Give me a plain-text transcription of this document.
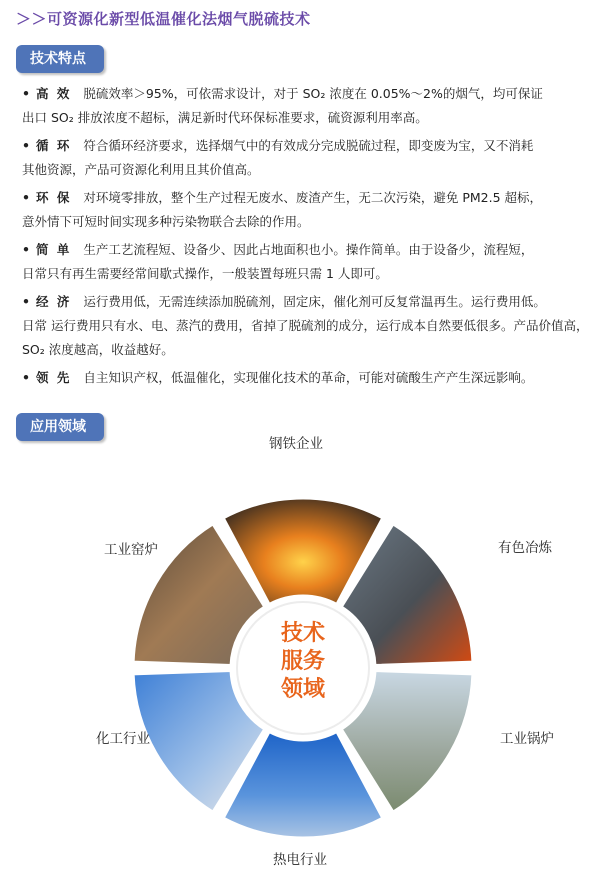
＞＞可资源化新型低温催化法烟气脱硫技术
技术特点
• 高 效 脱硫效率＞95%，可依需求设计，对于 SO₂ 浓度在 0.05%～2%的烟气，均可保证
出口 SO₂ 排放浓度不超标，满足新时代环保标准要求，硫资源利用率高。
• 循 环 符合循环经济要求，选择烟气中的有效成分完成脱硫过程，即变废为宝，又不消耗
其他资源，产品可资源化利用且其价值高。
• 环 保 对环境零排放，整个生产过程无废水、废渣产生，无二次污染，避免 PM2.5 超标，
意外情下可短时间实现多种污染物联合去除的作用。
• 简 单 生产工艺流程短、设备少、因此占地面积也小。操作简单。由于设备少，流程短，
日常只有再生需要经常间歇式操作，一般装置每班只需 1 人即可。
• 经 济 运行费用低，无需连续添加脱硫剂，固定床，催化剂可反复常温再生。运行费用低。
日常 运行费用只有水、电、蒸汽的费用，省掉了脱硫剂的成分，运行成本自然要低很多。产品价值高， SO₂ 浓度越高，收益越好。
• 领 先 自主知识产权，低温催化，实现催化技术的革命，可能对硫酸生产产生深远影响。
应用领域
技术
服务
领域
钢铁企业
有色冶炼
工业锅炉
热电行业
化工行业
工业窑炉
